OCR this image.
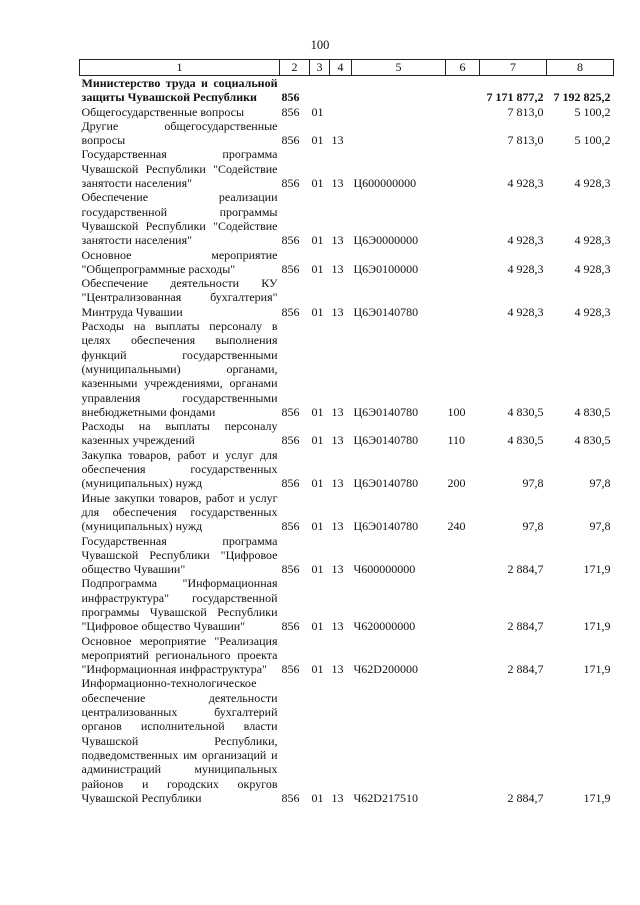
100
1	2	3	4	5	6	7	8
Министерство труда и социальной защиты Чувашской Республики	856					7 171 877,2	7 192 825,2
Общегосударственные вопросы	856	01				7 813,0	5 100,2
Другие общегосударственные вопросы	856	01	13			7 813,0	5 100,2
Государственная программа Чувашской Республики "Содействие занятости населения"	856	01	13	Ц600000000		4 928,3	4 928,3
Обеспечение реализации государственной программы Чувашской Республики "Содействие занятости населения"	856	01	13	Ц6Э0000000		4 928,3	4 928,3
Основное мероприятие "Общепрограммные расходы"	856	01	13	Ц6Э0100000		4 928,3	4 928,3
Обеспечение деятельности КУ "Централизованная бухгалтерия" Минтруда Чувашии	856	01	13	Ц6Э0140780		4 928,3	4 928,3
Расходы на выплаты персоналу в целях обеспечения выполнения функций государственными (муниципальными) органами, казенными учреждениями, органами управления государственными внебюджетными фондами	856	01	13	Ц6Э0140780	100	4 830,5	4 830,5
Расходы на выплаты персоналу казенных учреждений	856	01	13	Ц6Э0140780	110	4 830,5	4 830,5
Закупка товаров, работ и услуг для обеспечения государственных (муниципальных) нужд	856	01	13	Ц6Э0140780	200	97,8	97,8
Иные закупки товаров, работ и услуг для обеспечения государственных (муниципальных) нужд	856	01	13	Ц6Э0140780	240	97,8	97,8
Государственная программа Чувашской Республики "Цифровое общество Чувашии"	856	01	13	Ч600000000		2 884,7	171,9
Подпрограмма "Информационная инфраструктура" государственной программы Чувашской Республики "Цифровое общество Чувашии"	856	01	13	Ч620000000		2 884,7	171,9
Основное мероприятие "Реализация мероприятий регионального проекта "Информационная инфраструктура"	856	01	13	Ч62D200000		2 884,7	171,9
Информационно-технологическое обеспечение деятельности централизованных бухгалтерий органов исполнительной власти Чувашской Республики, подведомственных им организаций и администраций муниципальных районов и городских округов Чувашской Республики	856	01	13	Ч62D217510		2 884,7	171,9
